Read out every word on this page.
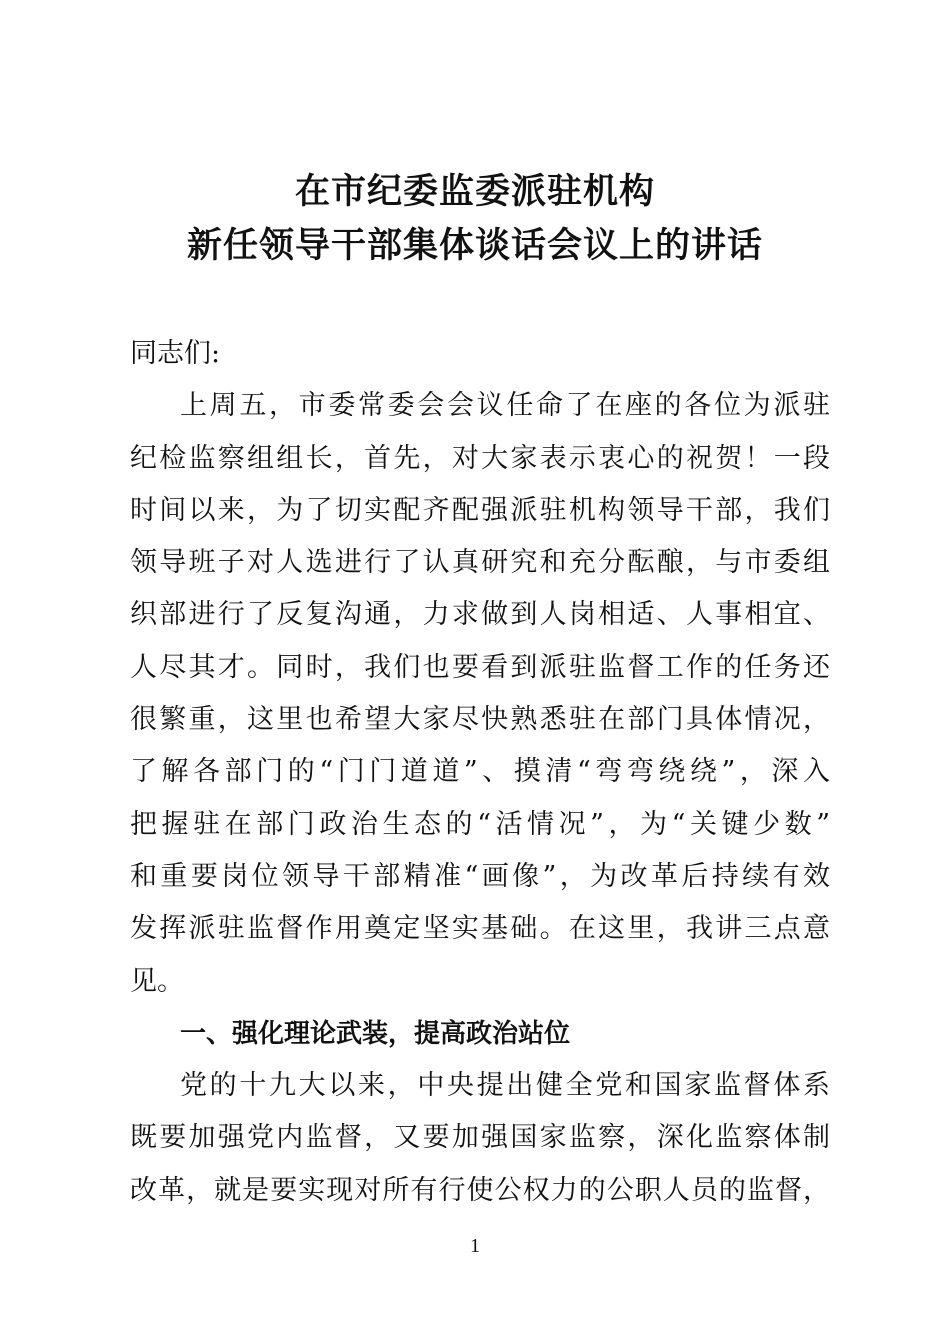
在市纪委监委派驻机构
新任领导干部集体谈话会议上的讲话
同志们:
上周五，市委常委会会议任命了在座的各位为派驻
纪检监察组组长，首先，对大家表示衷心的祝贺！一段
时间以来，为了切实配齐配强派驻机构领导干部，我们
领导班子对人选进行了认真研究和充分酝酿，与市委组
织部进行了反复沟通，力求做到人岗相适、人事相宜、
人尽其才。同时，我们也要看到派驻监督工作的任务还
很繁重，这里也希望大家尽快熟悉驻在部门具体情况，
了解各部门的“门门道道”、摸清“弯弯绕绕”，深入
把握驻在部门政治生态的“活情况”，为“关键少数”
和重要岗位领导干部精准“画像”，为改革后持续有效
发挥派驻监督作用奠定坚实基础。在这里，我讲三点意
见。
一、强化理论武装，提高政治站位
党的十九大以来，中央提出健全党和国家监督体系
既要加强党内监督，又要加强国家监察，深化监察体制
改革，就是要实现对所有行使公权力的公职人员的监督，
1
